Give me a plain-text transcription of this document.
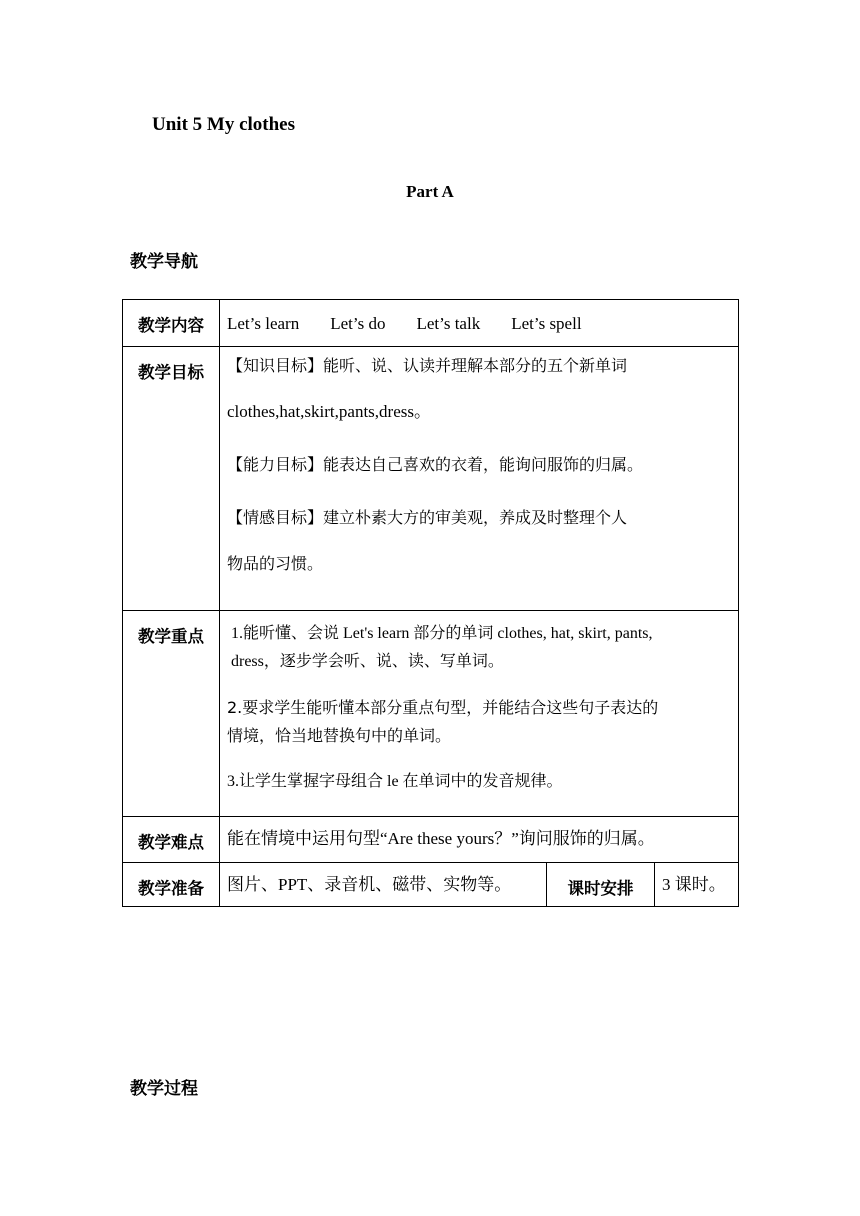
Unit 5 My clothes
Part A
教学导航
教学内容	Let’s learn Let’s do Let’s talk Let’s spell		

教学目标	【知识目标】能听、说、认读并理解本部分的五个新单词
clothes,hat,skirt,pants,dress。

【能力目标】能表达自己喜欢的衣着，能询问服饰的归属。

【情感目标】建立朴素大方的审美观，养成及时整理个人
物品的习惯。		

教学重点	1.能听懂、会说 Let's learn 部分的单词 clothes, hat, skirt, pants,
dress，逐步学会听、说、读、写单词。

2.要求学生能听懂本部分重点句型，并能结合这些句子表达的
情境，恰当地替换句中的单词。

3.让学生掌握字母组合 le 在单词中的发音规律。		

教学难点	能在情境中运用句型“Are these yours？”询问服饰的归属。		

教学准备	图片、PPT、录音机、磁带、实物等。	课时安排	3 课时。
教学过程
